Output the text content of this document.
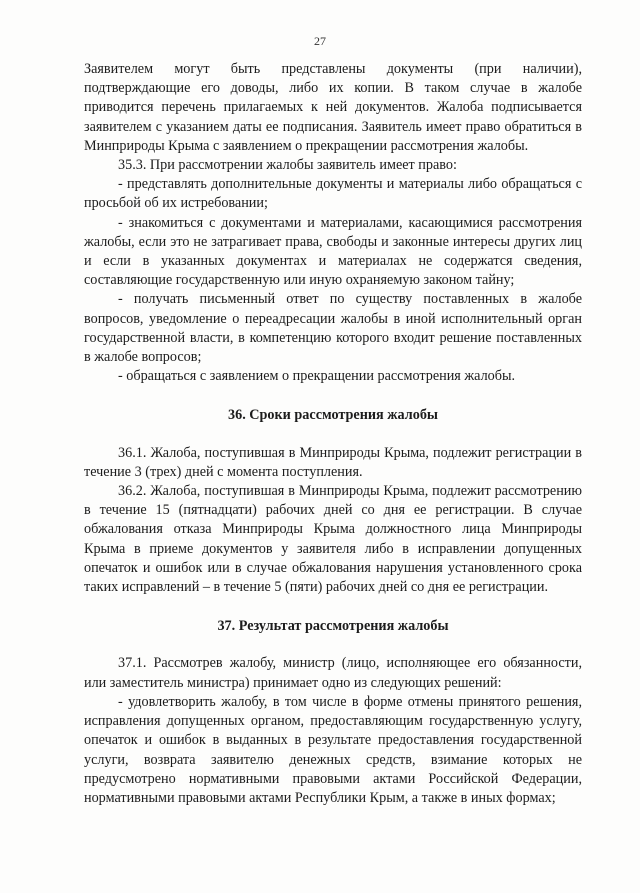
27

Заявителем могут быть представлены документы (при наличии), подтверждающие его доводы, либо их копии. В таком случае в жалобе приводится перечень прилагаемых к ней документов. Жалоба подписывается заявителем с указанием даты ее подписания. Заявитель имеет право обратиться в Минприроды Крыма с заявлением о прекращении рассмотрения жалобы.

35.3. При рассмотрении жалобы заявитель имеет право:

- представлять дополнительные документы и материалы либо обращаться с просьбой об их истребовании;

- знакомиться с документами и материалами, касающимися рассмотрения жалобы, если это не затрагивает права, свободы и законные интересы других лиц и если в указанных документах и материалах не содержатся сведения, составляющие государственную или иную охраняемую законом тайну;

- получать письменный ответ по существу поставленных в жалобе вопросов, уведомление о переадресации жалобы в иной исполнительный орган государственной власти, в компетенцию которого входит решение поставленных в жалобе вопросов;

- обращаться с заявлением о прекращении рассмотрения жалобы.

36. Сроки рассмотрения жалобы

36.1. Жалоба, поступившая в Минприроды Крыма, подлежит регистрации в течение 3 (трех) дней с момента поступления.

36.2. Жалоба, поступившая в Минприроды Крыма, подлежит рассмотрению в течение 15 (пятнадцати) рабочих дней со дня ее регистрации. В случае обжалования отказа Минприроды Крыма должностного лица Минприроды Крыма в приеме документов у заявителя либо в исправлении допущенных опечаток и ошибок или в случае обжалования нарушения установленного срока таких исправлений – в течение 5 (пяти) рабочих дней со дня ее регистрации.

37. Результат рассмотрения жалобы

37.1. Рассмотрев жалобу, министр (лицо, исполняющее его обязанности, или заместитель министра) принимает одно из следующих решений:

- удовлетворить жалобу, в том числе в форме отмены принятого решения, исправления допущенных органом, предоставляющим государственную услугу, опечаток и ошибок в выданных в результате предоставления государственной услуги, возврата заявителю денежных средств, взимание которых не предусмотрено нормативными правовыми актами Российской Федерации, нормативными правовыми актами Республики Крым, а также в иных формах;
